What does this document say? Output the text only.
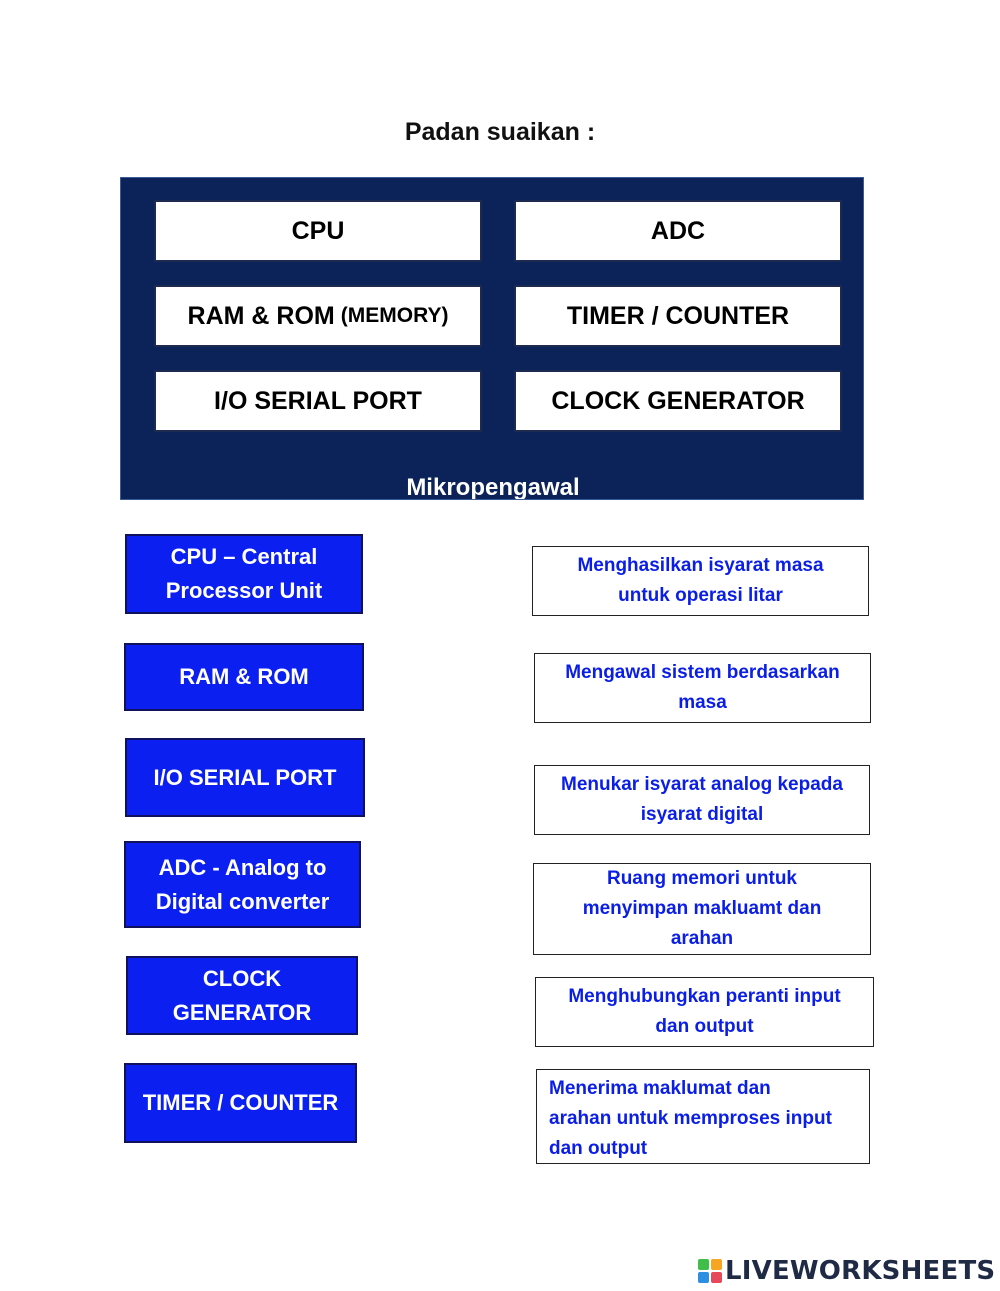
Padan suaikan :
CPU	ADC
RAM & ROM (MEMORY)	TIMER / COUNTER
I/O SERIAL PORT	CLOCK GENERATOR
Mikropengawal
CPU – Central
Processor Unit
RAM & ROM
I/O SERIAL PORT
ADC - Analog to
Digital converter
CLOCK
GENERATOR
TIMER / COUNTER
Menghasilkan isyarat masa
untuk operasi litar
Mengawal sistem berdasarkan
masa
Menukar isyarat analog kepada
isyarat digital
Ruang memori untuk
menyimpan makluamt dan
arahan
Menghubungkan peranti input
dan output
Menerima maklumat dan
arahan untuk memproses input
dan output
LIVEWORKSHEETS
